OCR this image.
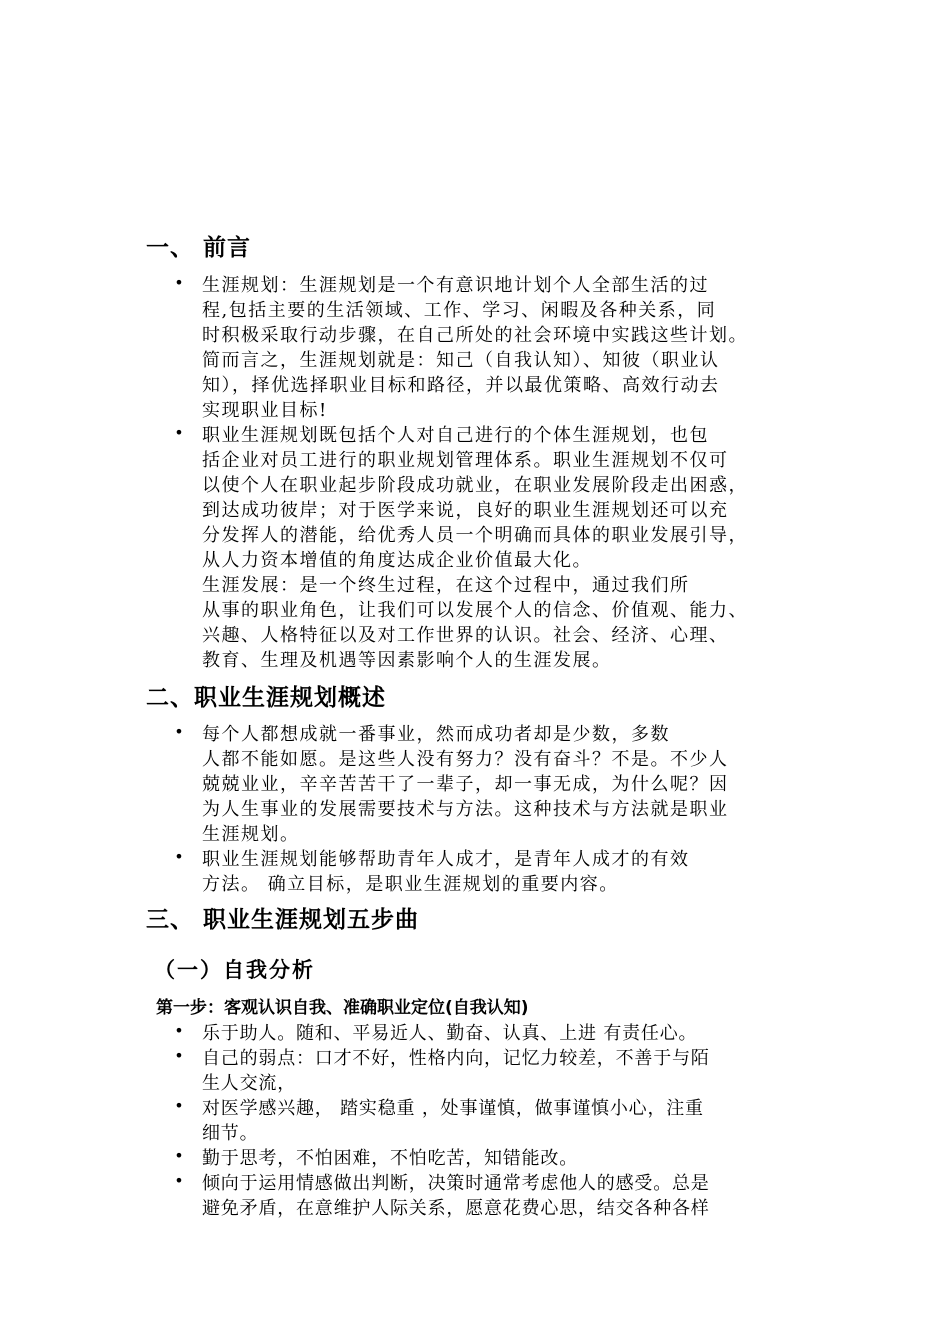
一、 前言
• 生涯规划：生涯规划是一个有意识地计划个人全部生活的过
程,包括主要的生活领域、工作、学习、闲暇及各种关系，同
时积极采取行动步骤，在自己所处的社会环境中实践这些计划。
简而言之，生涯规划就是：知己（自我认知）、知彼（职业认
知），择优选择职业目标和路径，并以最优策略、高效行动去
实现职业目标!
• 职业生涯规划既包括个人对自己进行的个体生涯规划，也包
括企业对员工进行的职业规划管理体系。职业生涯规划不仅可
以使个人在职业起步阶段成功就业，在职业发展阶段走出困惑，
到达成功彼岸；对于医学来说，良好的职业生涯规划还可以充
分发挥人的潜能，给优秀人员一个明确而具体的职业发展引导，
从人力资本增值的角度达成企业价值最大化。
生涯发展：是一个终生过程，在这个过程中，通过我们所
从事的职业角色，让我们可以发展个人的信念、价值观、能力、
兴趣、人格特征以及对工作世界的认识。社会、经济、心理、
教育、生理及机遇等因素影响个人的生涯发展。
二、职业生涯规划概述
• 每个人都想成就一番事业，然而成功者却是少数，多数
人都不能如愿。是这些人没有努力？没有奋斗？不是。不少人
兢兢业业，辛辛苦苦干了一辈子，却一事无成，为什么呢？因
为人生事业的发展需要技术与方法。这种技术与方法就是职业
生涯规划。
• 职业生涯规划能够帮助青年人成才，是青年人成才的有效
方法。 确立目标，是职业生涯规划的重要内容。
三、 职业生涯规划五步曲
（一）自我分析
第一步：客观认识自我、准确职业定位(自我认知)
• 乐于助人。随和、平易近人、勤奋、认真、上进 有责任心。
• 自己的弱点：口才不好，性格内向，记忆力较差，不善于与陌
生人交流，
• 对医学感兴趣， 踏实稳重 ，处事谨慎，做事谨慎小心，注重
细节。
• 勤于思考，不怕困难，不怕吃苦，知错能改。
• 倾向于运用情感做出判断，决策时通常考虑他人的感受。总是
避免矛盾，在意维护人际关系，愿意花费心思，结交各种各样
